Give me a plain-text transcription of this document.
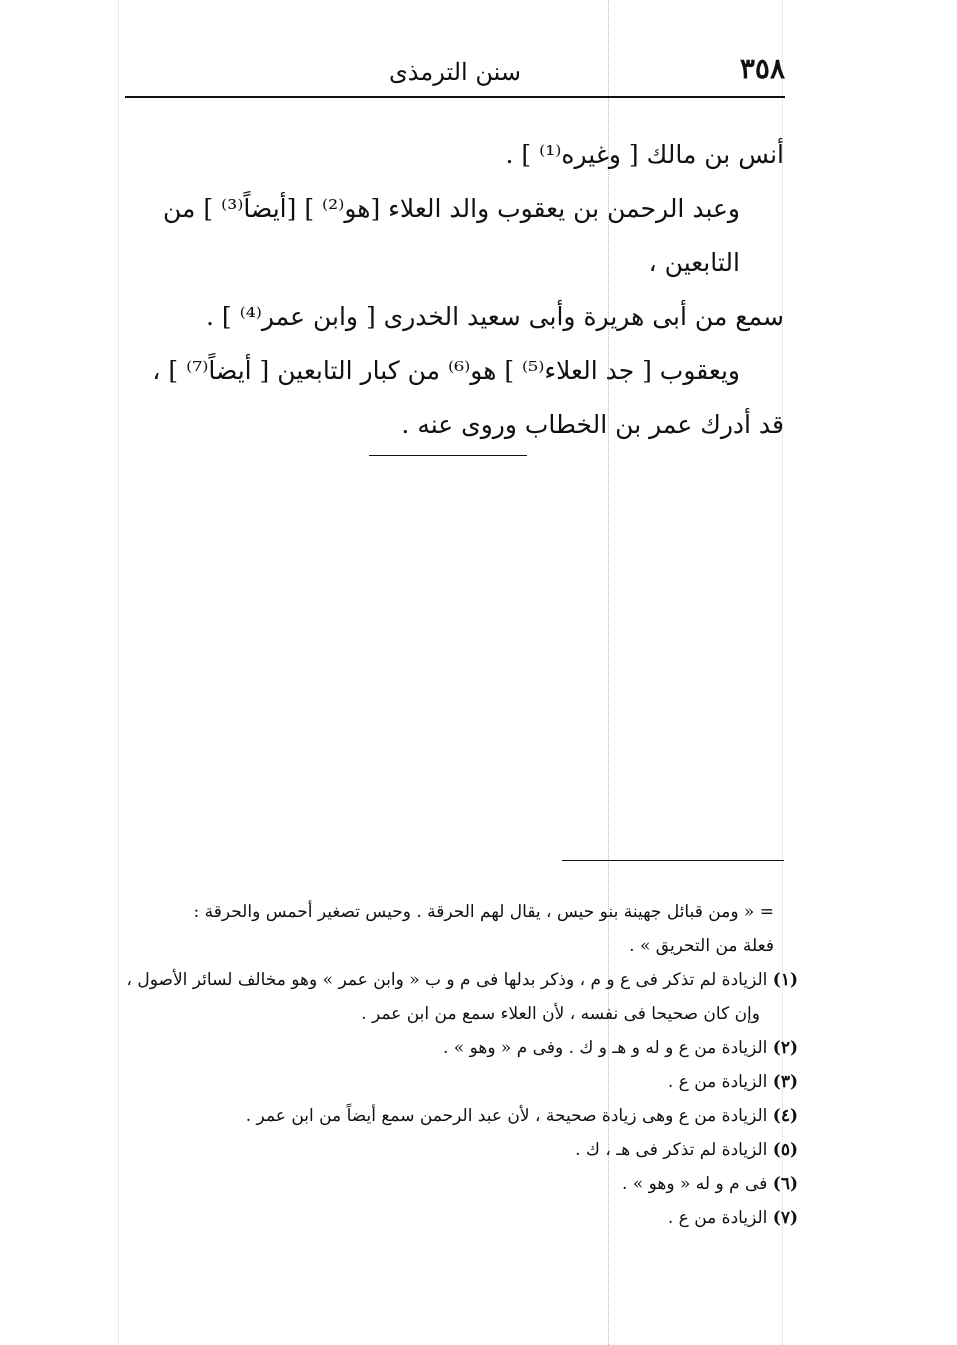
٣٥٨
سنن الترمذى

أنس بن مالك [ وغيره⁽¹⁾ ] .

وعبد الرحمن بن يعقوب والد العلاء [هو⁽²⁾ ] [أيضاً⁽³⁾ ] من التابعين ،

سمع من أبى هريرة وأبى سعيد الخدرى [ وابن عمر⁽⁴⁾ ] .

ويعقوب [ جد العلاء⁽⁵⁾ ] هو⁽⁶⁾ من كبار التابعين [ أيضاً⁽⁷⁾ ] ،

قد أدرك عمر بن الخطاب وروى عنه .

= « ومن قبائل جهينة بنو حيس ، يقال لهم الحرقة . وحيس تصغير أحمس والحرقة :

فعلة من التحريق » .

(١) الزيادة لم تذكر فى ع و م ، وذكر بدلها فى م و ب « وابن عمر » وهو مخالف لسائر الأصول ، وإن كان صحيحا فى نفسه ، لأن العلاء سمع من ابن عمر .

(٢) الزيادة من ع و له و هـ و ك . وفى م « وهو » .

(٣) الزيادة من ع .

(٤) الزيادة من ع وهى زيادة صحيحة ، لأن عبد الرحمن سمع أيضاً من ابن عمر .

(٥) الزيادة لم تذكر فى هـ ، ك .

(٦) فى م و له « وهو » .

(٧) الزيادة من ع .
